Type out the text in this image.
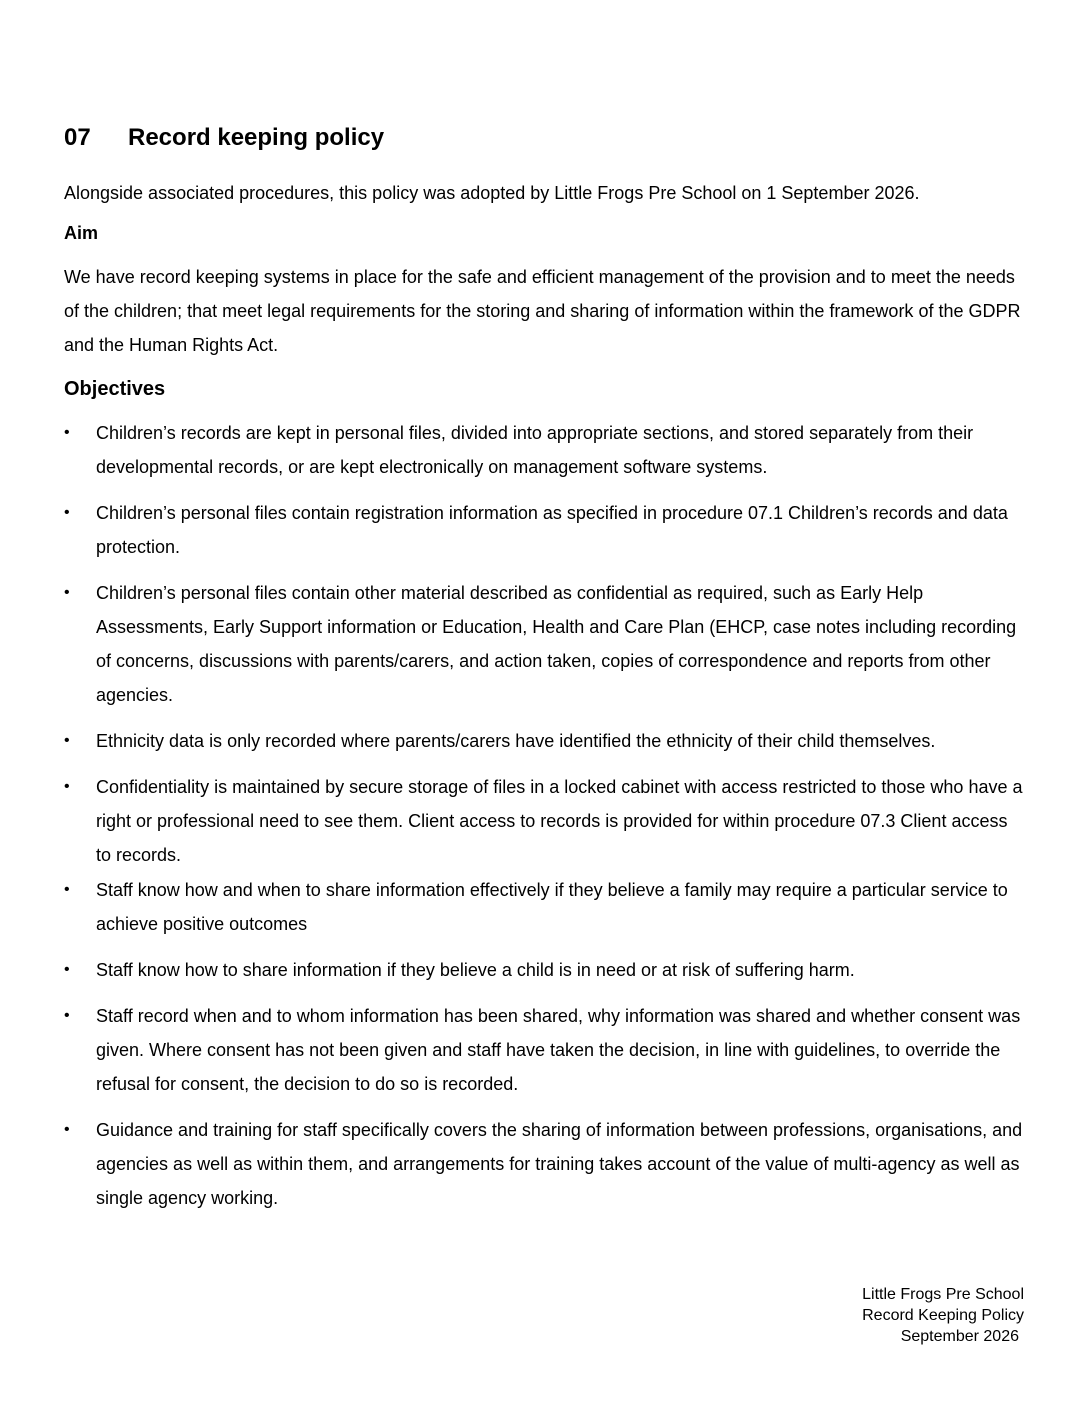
07	Record keeping policy

Alongside associated procedures, this policy was adopted by Little Frogs Pre School on 1 September 2026.

Aim

We have record keeping systems in place for the safe and efficient management of the provision and to meet the needs of the children; that meet legal requirements for the storing and sharing of information within the framework of the GDPR and the Human Rights Act.

Objectives
• Children’s records are kept in personal files, divided into appropriate sections, and stored separately from their developmental records, or are kept electronically on management software systems.
• Children’s personal files contain registration information as specified in procedure 07.1 Children’s records and data protection.
• Children’s personal files contain other material described as confidential as required, such as Early Help Assessments, Early Support information or Education, Health and Care Plan (EHCP, case notes including recording of concerns, discussions with parents/carers, and action taken, copies of correspondence and reports from other agencies.
• Ethnicity data is only recorded where parents/carers have identified the ethnicity of their child themselves.
• Confidentiality is maintained by secure storage of files in a locked cabinet with access restricted to those who have a right or professional need to see them. Client access to records is provided for within procedure 07.3 Client access to records.
• Staff know how and when to share information effectively if they believe a family may require a particular service to achieve positive outcomes
• Staff know how to share information if they believe a child is in need or at risk of suffering harm.
• Staff record when and to whom information has been shared, why information was shared and whether consent was given. Where consent has not been given and staff have taken the decision, in line with guidelines, to override the refusal for consent, the decision to do so is recorded.
• Guidance and training for staff specifically covers the sharing of information between professions, organisations, and agencies as well as within them, and arrangements for training takes account of the value of multi-agency as well as single agency working.
Little Frogs Pre School
Record Keeping Policy
September 2026
